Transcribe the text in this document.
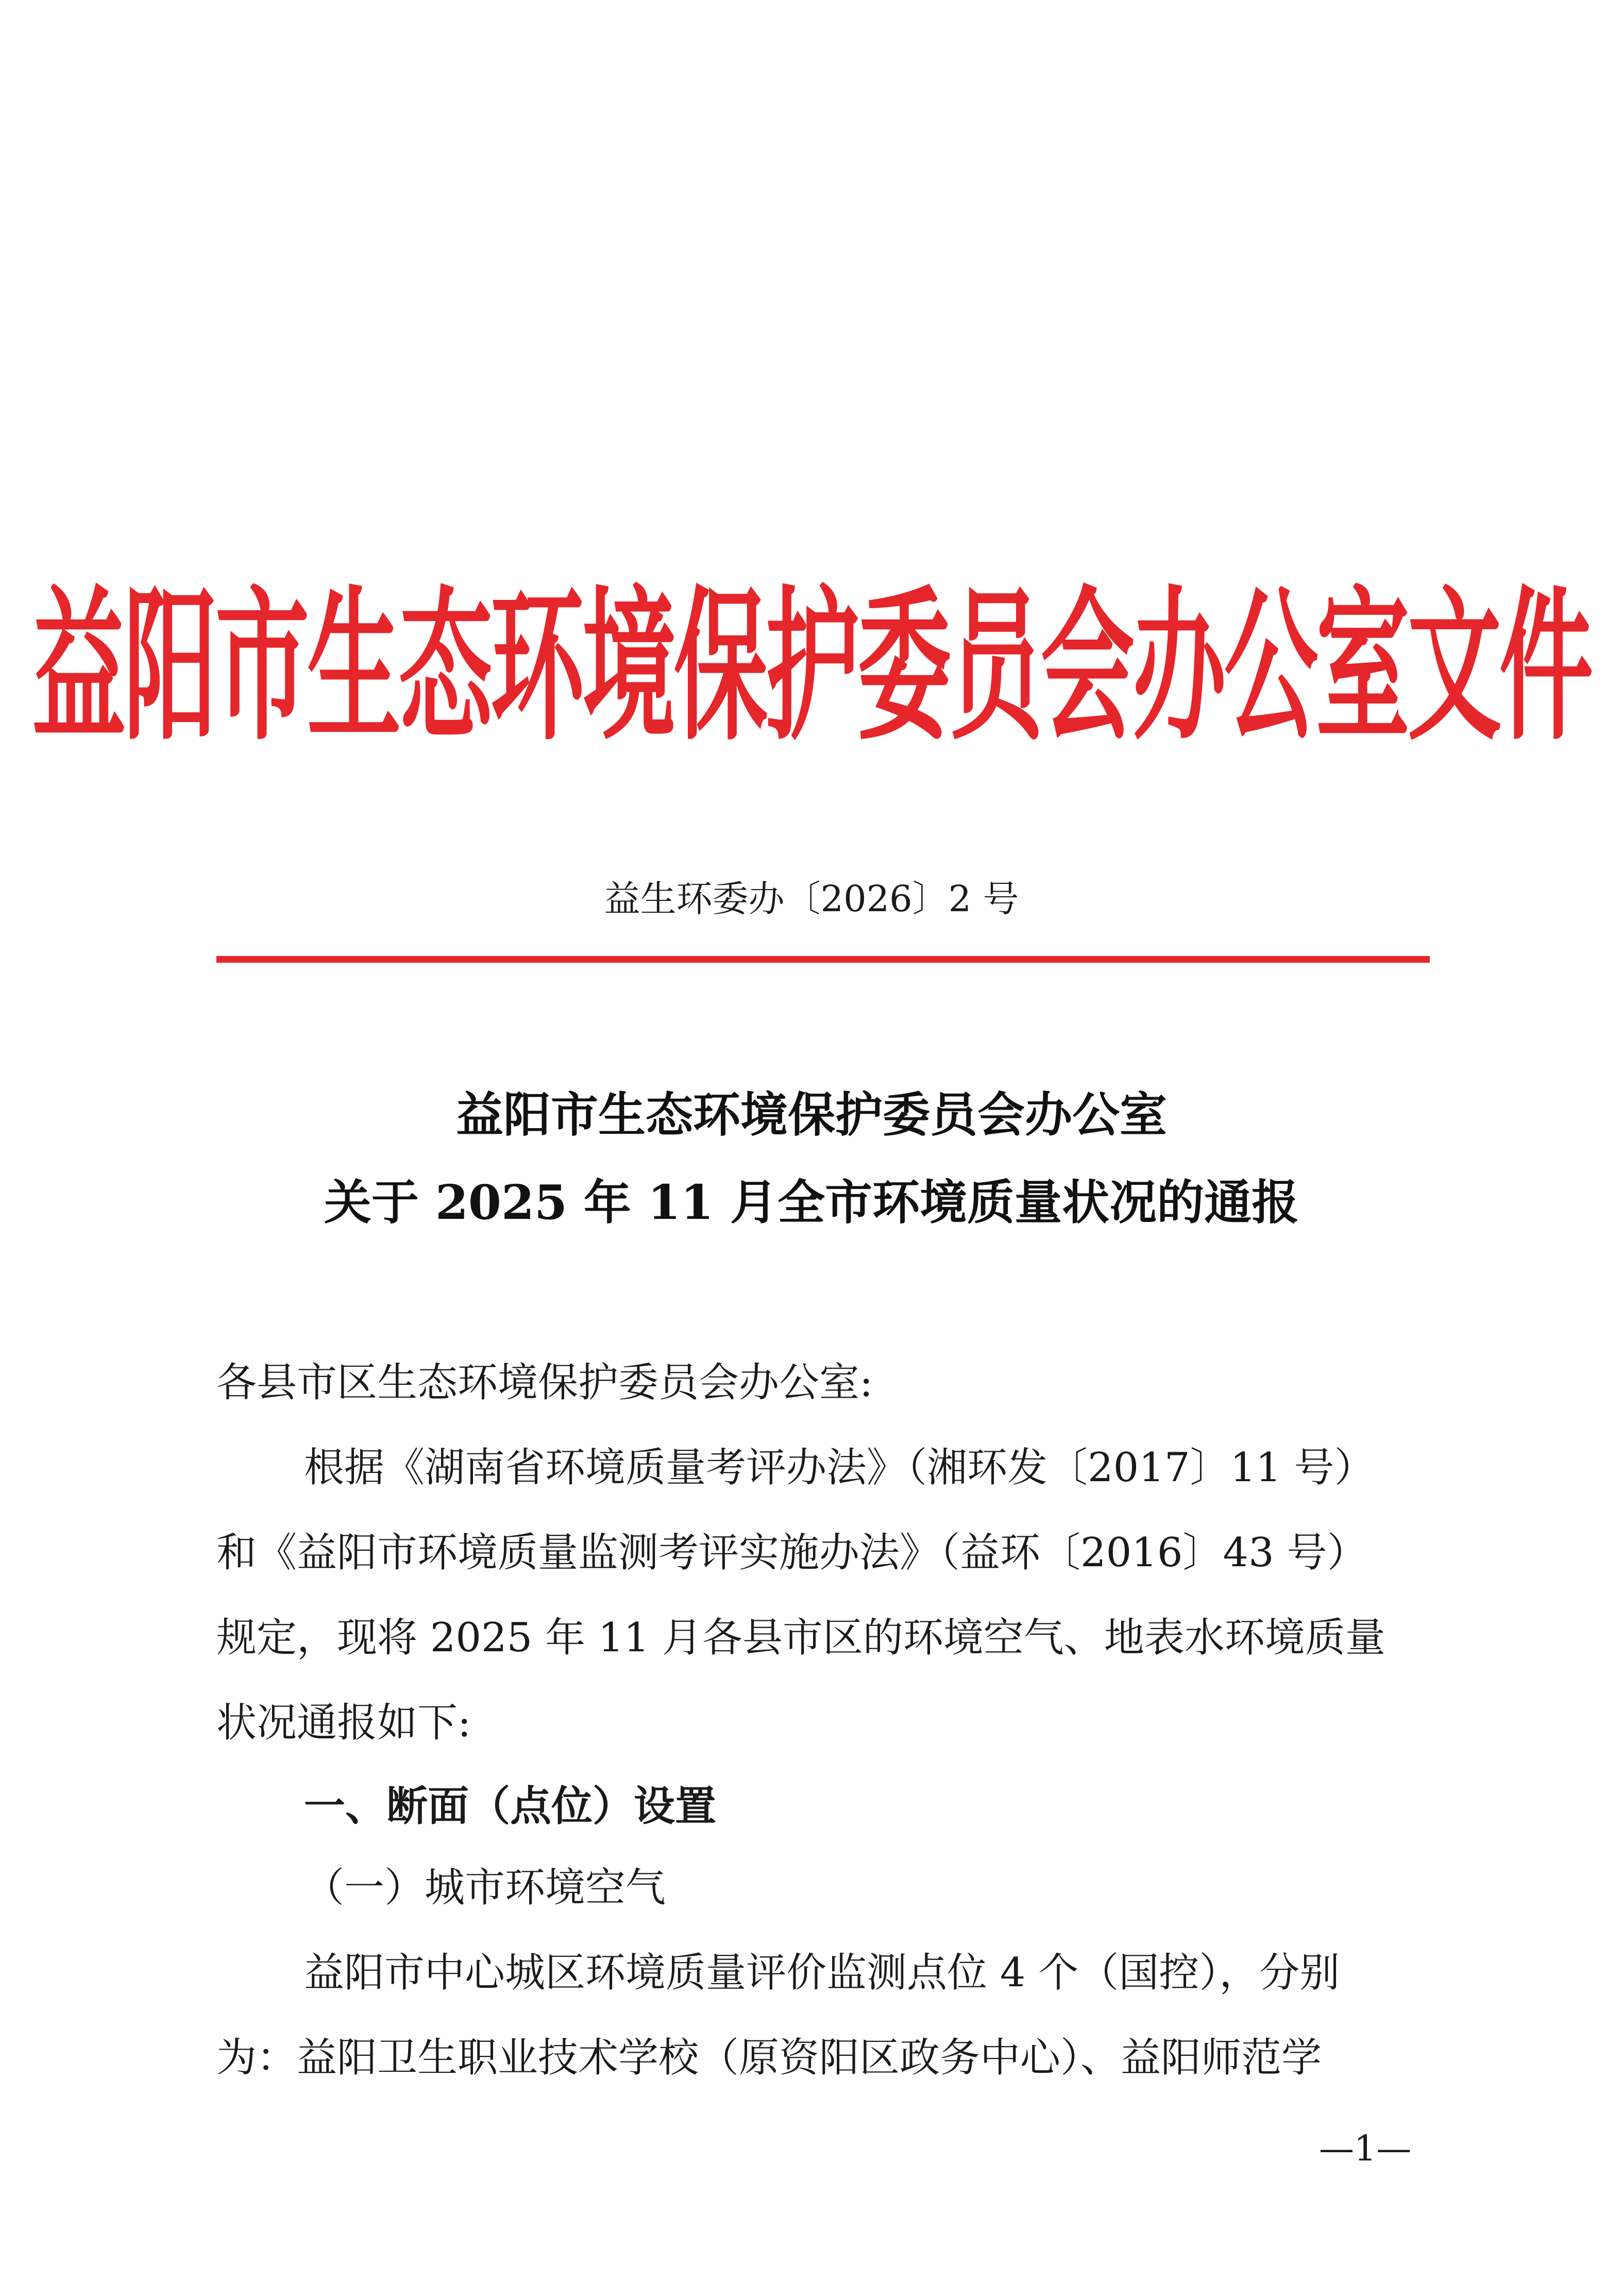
益阳市生态环境保护委员会办公室文件
益生环委办〔2026〕2 号
益阳市生态环境保护委员会办公室
关于 2025 年 11 月全市环境质量状况的通报
各县市区生态环境保护委员会办公室:
根据《湖南省环境质量考评办法》（湘环发〔2017〕11 号）
和《益阳市环境质量监测考评实施办法》（益环〔2016〕43 号）
规定，现将 2025 年 11 月各县市区的环境空气、地表水环境质量
状况通报如下:
一、断面（点位）设置
（一）城市环境空气
益阳市中心城区环境质量评价监测点位 4 个（国控），分别
为：益阳卫生职业技术学校（原资阳区政务中心）、益阳师范学
—1—
